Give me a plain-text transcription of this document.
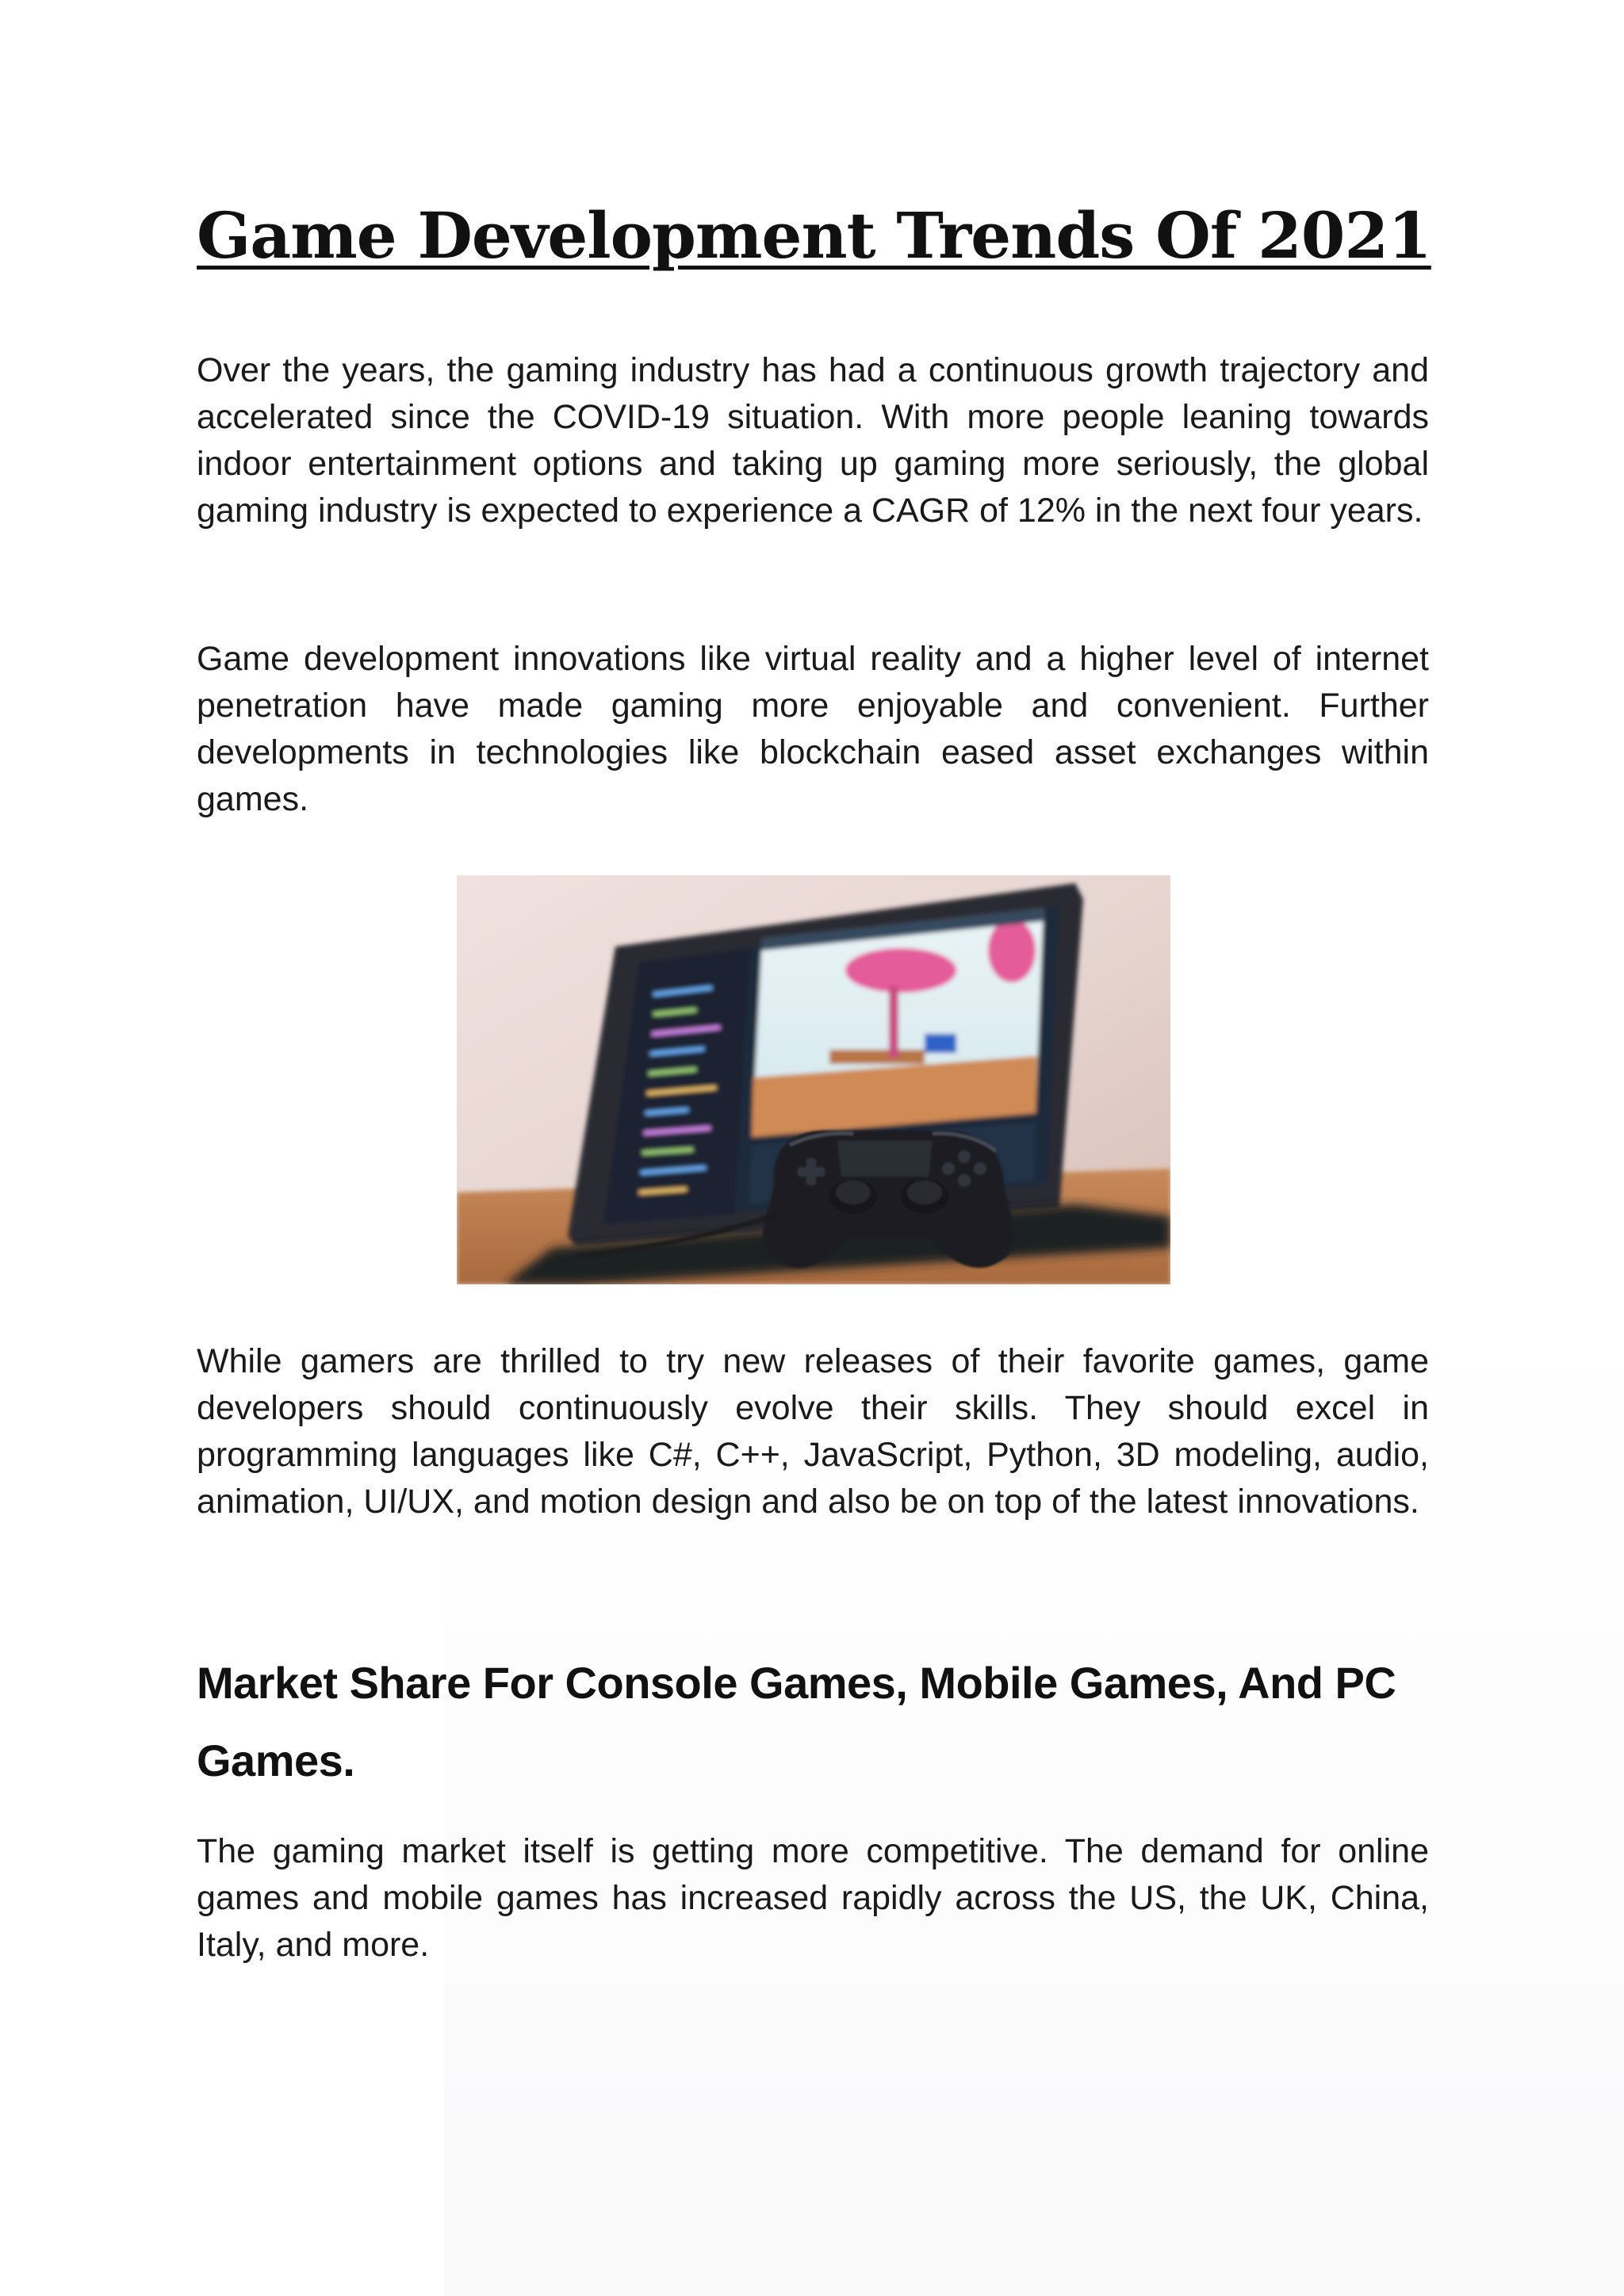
Game Development Trends Of 2021

Over the years, the gaming industry has had a continuous growth trajectory and accelerated since the COVID-19 situation. With more people leaning towards indoor entertainment options and taking up gaming more seriously, the global gaming industry is expected to experience a CAGR of 12% in the next four years.

Game development innovations like virtual reality and a higher level of internet penetration have made gaming more enjoyable and convenient. Further developments in technologies like blockchain eased asset exchanges within games.

While gamers are thrilled to try new releases of their favorite games, game developers should continuously evolve their skills. They should excel in programming languages like C#, C++, JavaScript, Python, 3D modeling, audio, animation, UI/UX, and motion design and also be on top of the latest innovations.

Market Share For Console Games, Mobile Games, And PC Games.

The gaming market itself is getting more competitive. The demand for online games and mobile games has increased rapidly across the US, the UK, China, Italy, and more.
